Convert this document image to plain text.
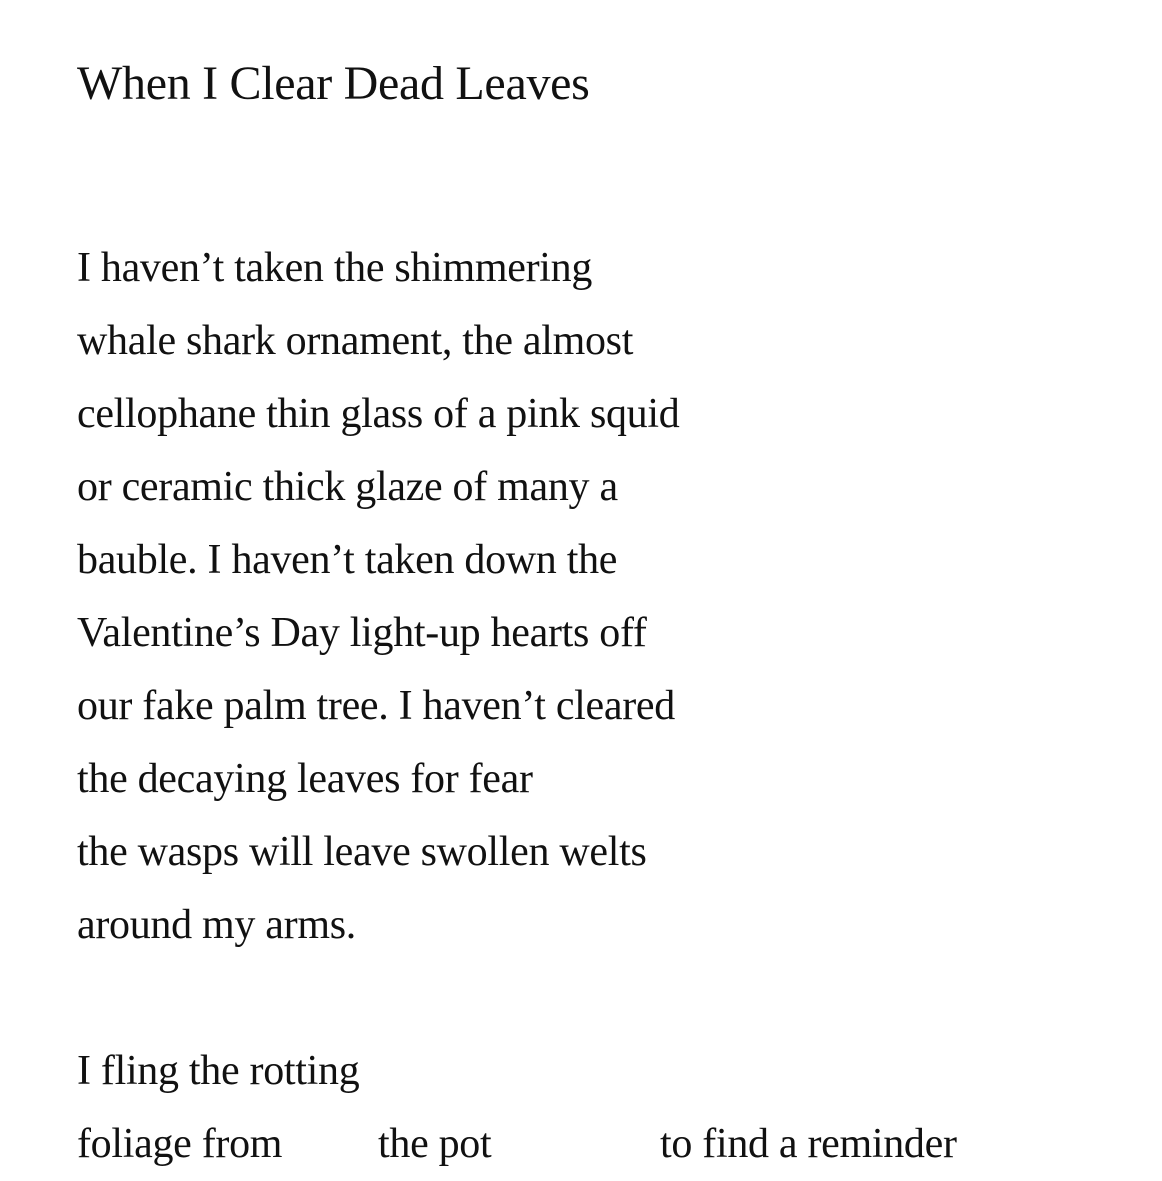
When I Clear Dead Leaves
I haven’t taken the shimmering
whale shark ornament, the almost
cellophane thin glass of a pink squid
or ceramic thick glaze of many a
bauble. I haven’t taken down the
Valentine’s Day light-up hearts off
our fake palm tree. I haven’t cleared
the decaying leaves for fear
the wasps will leave swollen welts
around my arms.
I fling the rotting
foliage from the pot	to find a reminder
